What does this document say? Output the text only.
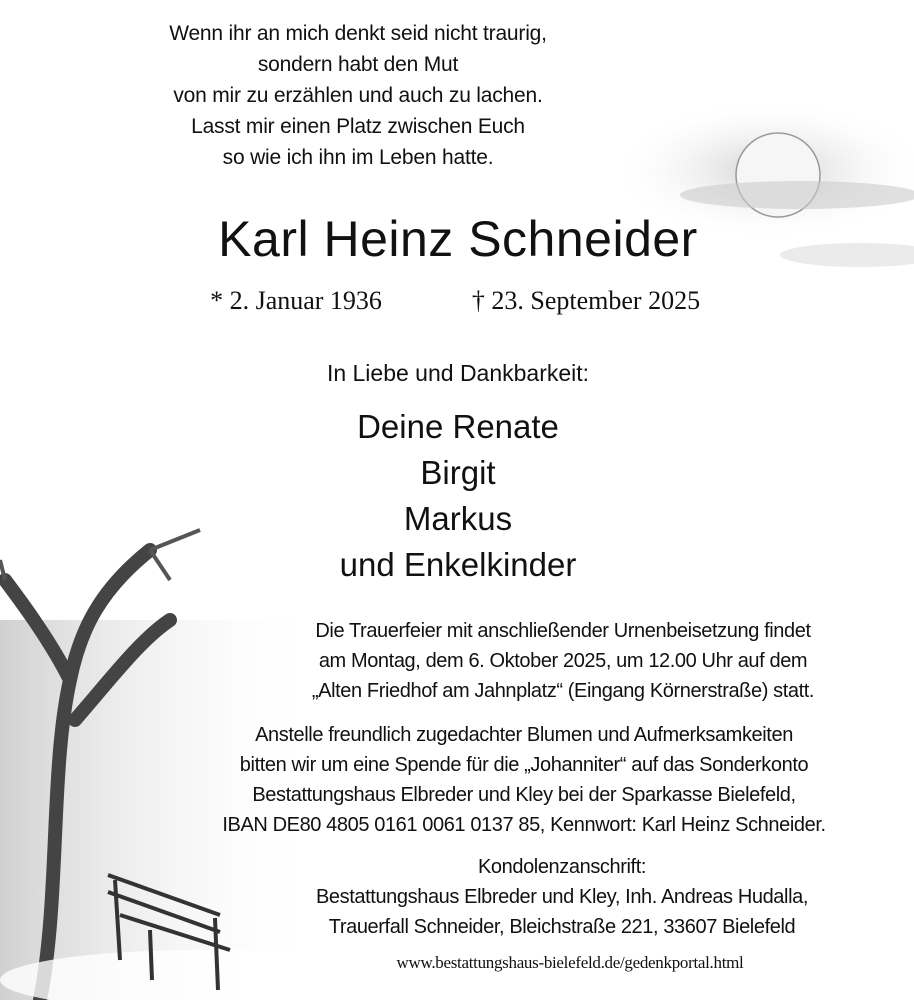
Wenn ihr an mich denkt seid nicht traurig,
sondern habt den Mut
von mir zu erzählen und auch zu lachen.
Lasst mir einen Platz zwischen Euch
so wie ich ihn im Leben hatte.
Karl Heinz Schneider
* 2. Januar 1936	† 23. September 2025
In Liebe und Dankbarkeit:
Deine Renate
Birgit
Markus
und Enkelkinder
Die Trauerfeier mit anschließender Urnenbeisetzung findet
am Montag, dem 6. Oktober 2025, um 12.00 Uhr auf dem
„Alten Friedhof am Jahnplatz“ (Eingang Körnerstraße) statt.
Anstelle freundlich zugedachter Blumen und Aufmerksamkeiten
bitten wir um eine Spende für die „Johanniter“ auf das Sonderkonto
Bestattungshaus Elbreder und Kley bei der Sparkasse Bielefeld,
IBAN DE80 4805 0161 0061 0137 85, Kennwort: Karl Heinz Schneider.
Kondolenzanschrift:
Bestattungshaus Elbreder und Kley, Inh. Andreas Hudalla,
Trauerfall Schneider, Bleichstraße 221, 33607 Bielefeld
www.bestattungshaus-bielefeld.de/gedenkportal.html
